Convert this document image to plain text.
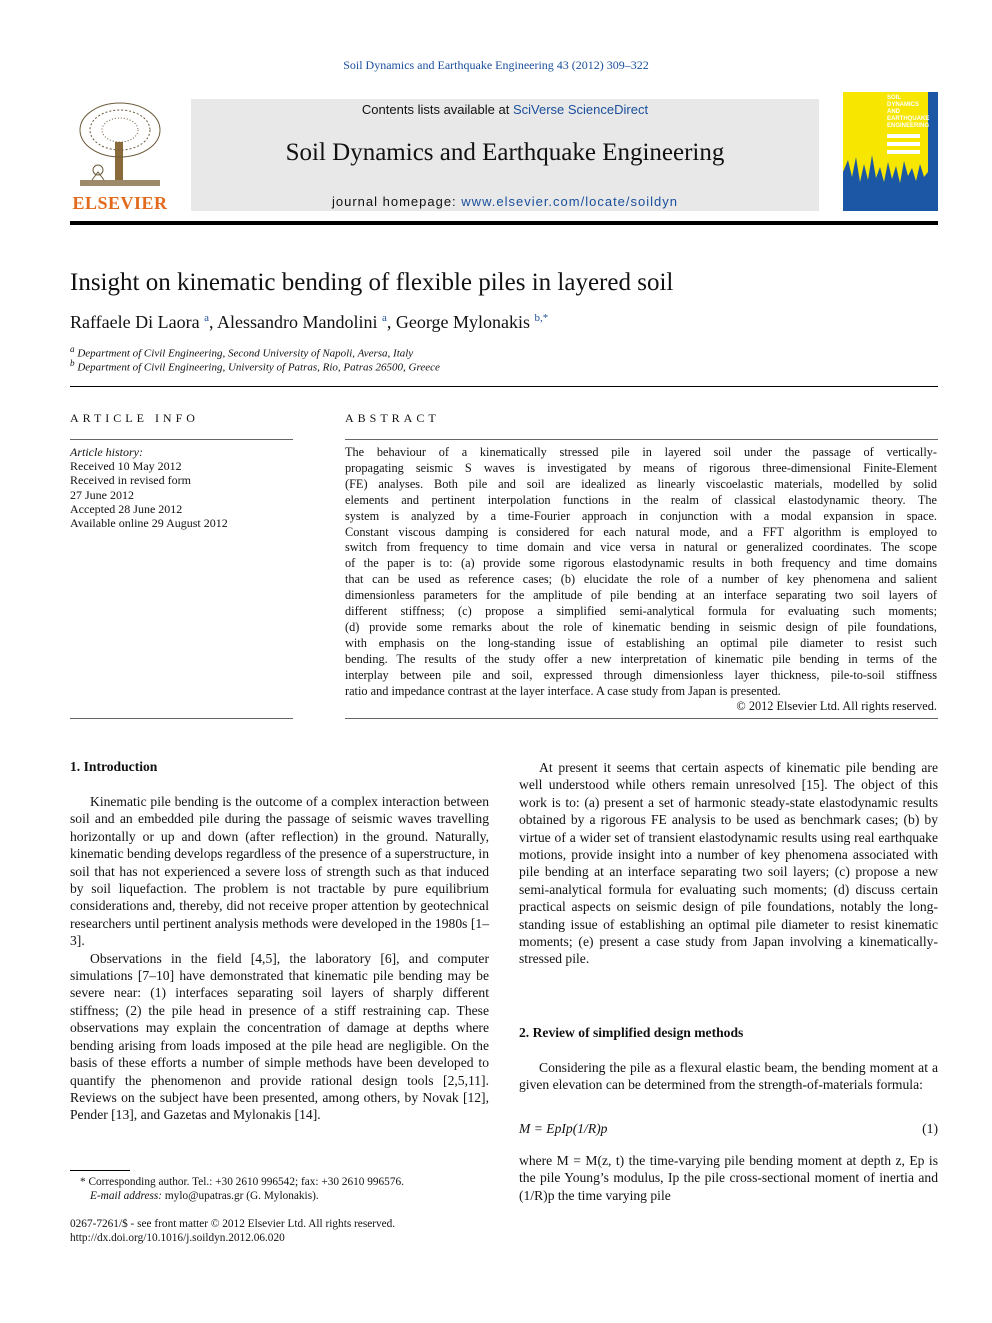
Soil Dynamics and Earthquake Engineering 43 (2012) 309–322
ELSEVIER
Contents lists available at SciVerse ScienceDirect
Soil Dynamics and Earthquake Engineering
journal homepage: www.elsevier.com/locate/soildyn
SOIL
DYNAMICS
AND
EARTHQUAKE
ENGINEERING
Insight on kinematic bending of flexible piles in layered soil
Raffaele Di Laora $^a$, Alessandro Mandolini $^a$, George Mylonakis $^{b,*}$
$^a$ Department of Civil Engineering, Second University of Napoli, Aversa, Italy
$^b$ Department of Civil Engineering, University of Patras, Rio, Patras 26500, Greece
ARTICLE INFO
Article history:
Received 10 May 2012
Received in revised form
27 June 2012
Accepted 28 June 2012
Available online 29 August 2012
ABSTRACT
The behaviour of a kinematically stressed pile in layered soil under the passage of vertically-
propagating seismic S waves is investigated by means of rigorous three-dimensional Finite-Element
(FE) analyses. Both pile and soil are idealized as linearly viscoelastic materials, modelled by solid
elements and pertinent interpolation functions in the realm of classical elastodynamic theory. The
system is analyzed by a time-Fourier approach in conjunction with a modal expansion in space.
Constant viscous damping is considered for each natural mode, and a FFT algorithm is employed to
switch from frequency to time domain and vice versa in natural or generalized coordinates. The scope
of the paper is to: (a) provide some rigorous elastodynamic results in both frequency and time domains
that can be used as reference cases; (b) elucidate the role of a number of key phenomena and salient
dimensionless parameters for the amplitude of pile bending at an interface separating two soil layers of
different stiffness; (c) propose a simplified semi-analytical formula for evaluating such moments;
(d) provide some remarks about the role of kinematic bending in seismic design of pile foundations,
with emphasis on the long-standing issue of establishing an optimal pile diameter to resist such
bending. The results of the study offer a new interpretation of kinematic pile bending in terms of the
interplay between pile and soil, expressed through dimensionless layer thickness, pile-to-soil stiffness
ratio and impedance contrast at the layer interface. A case study from Japan is presented.
© 2012 Elsevier Ltd. All rights reserved.
1. Introduction

Kinematic pile bending is the outcome of a complex interaction between soil and an embedded pile during the passage of seismic waves travelling horizontally or up and down (after reflection) in the ground. Naturally, kinematic bending develops regardless of the presence of a superstructure, in soil that has not experienced a severe loss of strength such as that induced by soil liquefaction. The problem is not tractable by pure equilibrium considerations and, thereby, did not receive proper attention by geotechnical researchers until pertinent analysis methods were developed in the 1980s [1–3].

Observations in the field [4,5], the laboratory [6], and computer simulations [7–10] have demonstrated that kinematic pile bending may be severe near: (1) interfaces separating soil layers of sharply different stiffness; (2) the pile head in presence of a stiff restraining cap. These observations may explain the concentration of damage at depths where bending arising from loads imposed at the pile head are negligible. On the basis of these efforts a number of simple methods have been developed to quantify the phenomenon and provide rational design tools [2,5,11]. Reviews on the subject have been presented, among others, by Novak [12], Pender [13], and Gazetas and Mylonakis [14].

At present it seems that certain aspects of kinematic pile bending are well understood while others remain unresolved [15]. The object of this work is to: (a) present a set of harmonic steady-state elastodynamic results obtained by a rigorous FE analysis to be used as benchmark cases; (b) by virtue of a wider set of transient elastodynamic results using real earthquake motions, provide insight into a number of key phenomena associated with pile bending at an interface separating two soil layers; (c) propose a new semi-analytical formula for evaluating such moments; (d) discuss certain practical aspects on seismic design of pile foundations, notably the long-standing issue of establishing an optimal pile diameter to resist kinematic moments; (e) present a case study from Japan involving a kinematically-stressed pile.

2. Review of simplified design methods

Considering the pile as a flexural elastic beam, the bending moment at a given elevation can be determined from the strength-of-materials formula:

M = EpIp(1/R)p	(1)

where M = M(z, t) the time-varying pile bending moment at depth z, Ep is the pile Young’s modulus, Ip the pile cross-sectional moment of inertia and (1/R)p the time varying pile

* Corresponding author. Tel.: +30 2610 996542; fax: +30 2610 996576.
E-mail address: mylo@upatras.gr (G. Mylonakis).
0267-7261/$ - see front matter © 2012 Elsevier Ltd. All rights reserved.
http://dx.doi.org/10.1016/j.soildyn.2012.06.020
